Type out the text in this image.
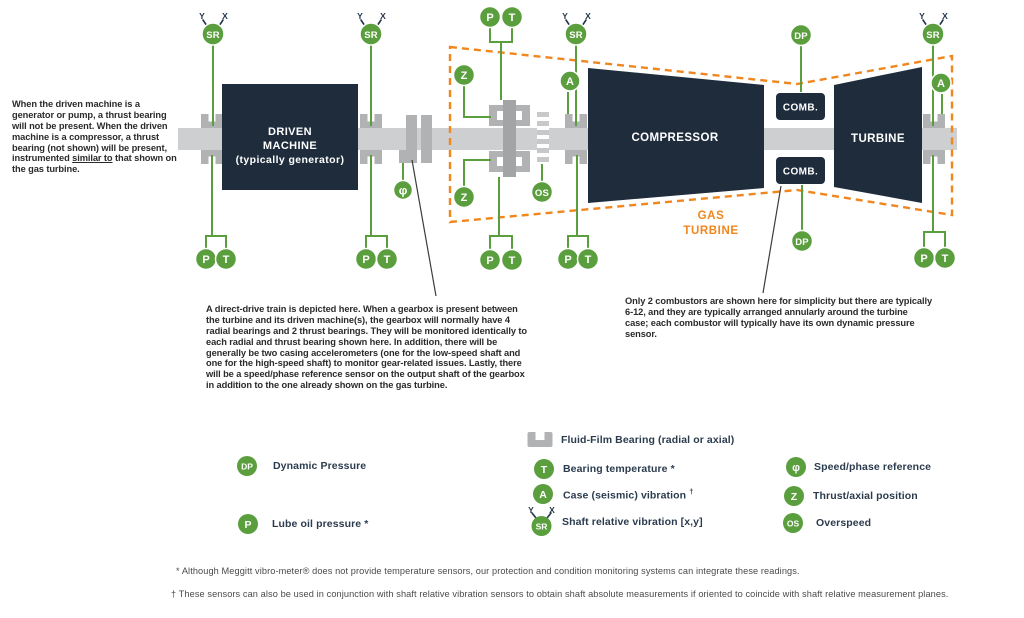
DRIVEN
MACHINE
(typically generator)
COMPRESSOR	TURBINE
COMB.
COMB.
GAS
TURBINE
Y X
SR
Y X
SR
Y X
SR
Y X
SR
P T
Z
Z
A	A
OS
φ
DP
DP
P T	P T	P T	P T	P T
When the driven machine is a generator or pump, a thrust bearing will not be present. When the driven machine is a compressor, a thrust bearing (not shown) will be present, instrumented similar to that shown on the gas turbine.
A direct-drive train is depicted here. When a gearbox is present between the turbine and its driven machine(s), the gearbox will normally have 4 radial bearings and 2 thrust bearings. They will be monitored identically to each radial and thrust bearing shown here. In addition, there will be generally be two casing accelerometers (one for the low-speed shaft and one for the high-speed shaft) to monitor gear-related issues. Lastly, there will be a speed/phase reference sensor on the output shaft of the gearbox in addition to the one already shown on the gas turbine.
Only 2 combustors are shown here for simplicity but there are typically 6-12, and they are typically arranged annularly around the turbine case; each combustor will typically have its own dynamic pressure sensor.
DP Dynamic Pressure
P Lube oil pressure *
Fluid-Film Bearing (radial or axial)
T Bearing temperature *
A Case (seismic) vibration †
Y X
SR Shaft relative vibration [x,y]
φ Speed/phase reference
Z Thrust/axial position
OS Overspeed
* Although Meggitt vibro-meter® does not provide temperature sensors, our protection and condition monitoring systems can integrate these readings.
† These sensors can also be used in conjunction with shaft relative vibration sensors to obtain shaft absolute measurements if oriented to coincide with shaft relative measurement planes.
